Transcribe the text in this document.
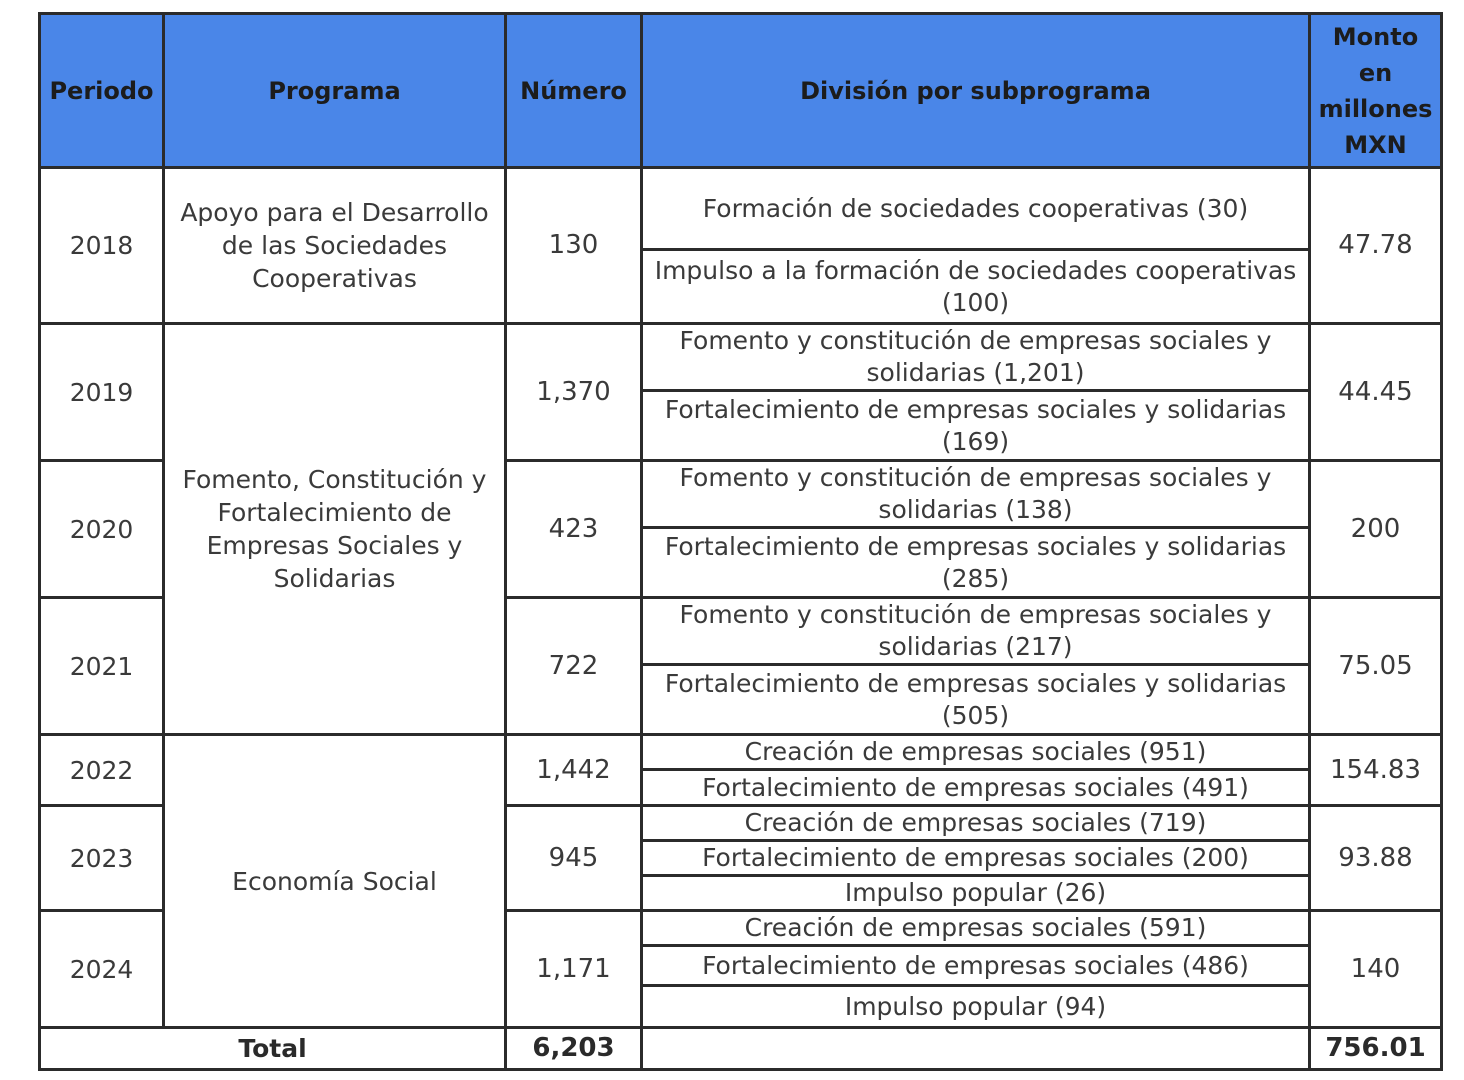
Periodo	Programa	Número	División por subprograma	Monto en millones MXN
2018	Apoyo para el Desarrollo de las Sociedades Cooperativas	130	Formación de sociedades cooperativas (30)	47.78
			Impulso a la formación de sociedades cooperativas (100)	
2019	Fomento, Constitución y Fortalecimiento de Empresas Sociales y Solidarias	1,370	Fomento y constitución de empresas sociales y solidarias (1,201)	44.45
			Fortalecimiento de empresas sociales y solidarias (169)	
2020		423	Fomento y constitución de empresas sociales y solidarias (138)	200
			Fortalecimiento de empresas sociales y solidarias (285)	
2021		722	Fomento y constitución de empresas sociales y solidarias (217)	75.05
			Fortalecimiento de empresas sociales y solidarias (505)	
2022	Economía Social	1,442	Creación de empresas sociales (951)	154.83
			Fortalecimiento de empresas sociales (491)	
2023		945	Creación de empresas sociales (719)	93.88
			Fortalecimiento de empresas sociales (200)	
			Impulso popular (26)	
2024		1,171	Creación de empresas sociales (591)	140
			Fortalecimiento de empresas sociales (486)	
			Impulso popular (94)	
Total		6,203		756.01
